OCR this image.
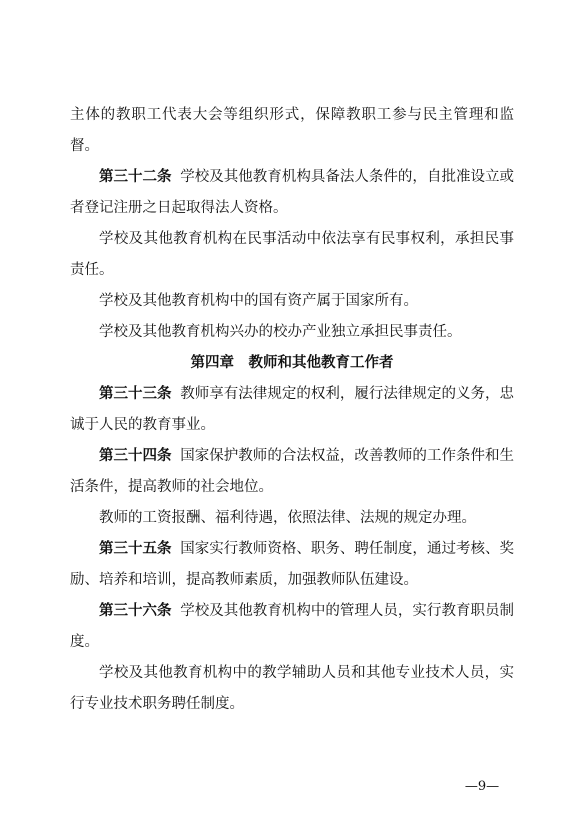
主体的教职工代表大会等组织形式，保障教职工参与民主管理和监督。

第三十二条 学校及其他教育机构具备法人条件的，自批准设立或者登记注册之日起取得法人资格。

学校及其他教育机构在民事活动中依法享有民事权利，承担民事责任。

学校及其他教育机构中的国有资产属于国家所有。

学校及其他教育机构兴办的校办产业独立承担民事责任。

第四章　教师和其他教育工作者

第三十三条 教师享有法律规定的权利，履行法律规定的义务，忠诚于人民的教育事业。

第三十四条 国家保护教师的合法权益，改善教师的工作条件和生活条件，提高教师的社会地位。

教师的工资报酬、福利待遇，依照法律、法规的规定办理。

第三十五条 国家实行教师资格、职务、聘任制度，通过考核、奖励、培养和培训，提高教师素质，加强教师队伍建设。

第三十六条 学校及其他教育机构中的管理人员，实行教育职员制度。

学校及其他教育机构中的教学辅助人员和其他专业技术人员，实行专业技术职务聘任制度。

—9—
